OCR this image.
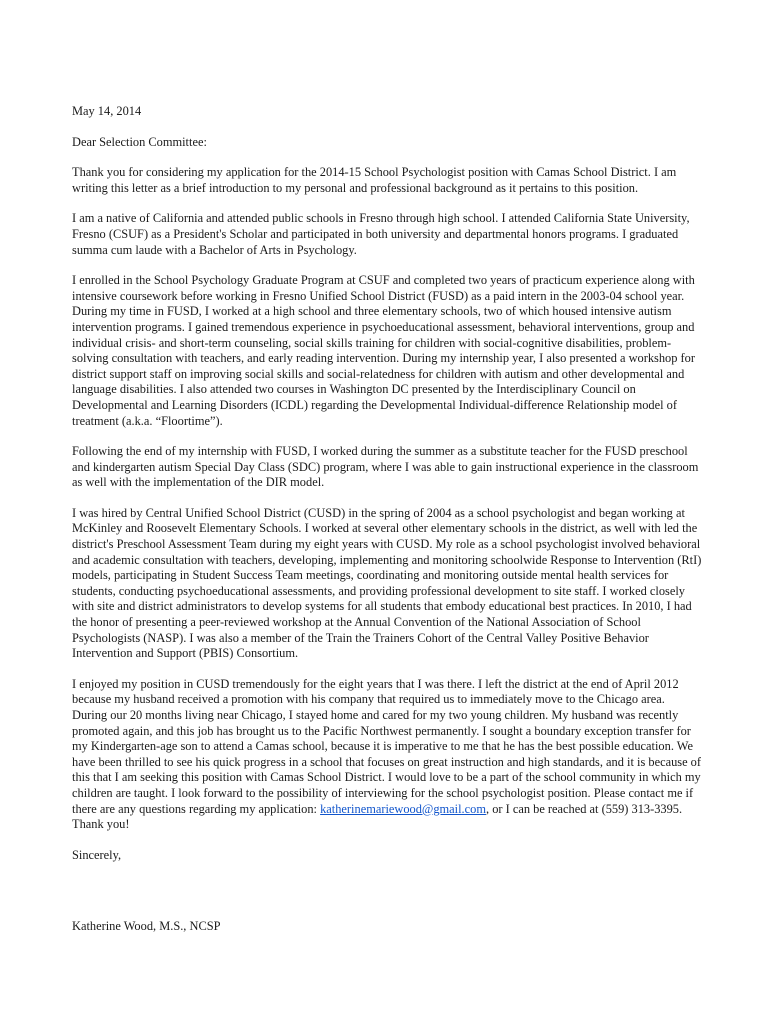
May 14, 2014

Dear Selection Committee:

Thank you for considering my application for the 2014-15 School Psychologist position with Camas School District. I am writing this letter as a brief introduction to my personal and professional background as it pertains to this position.

I am a native of California and attended public schools in Fresno through high school. I attended California State University, Fresno (CSUF) as a President's Scholar and participated in both university and departmental honors programs. I graduated summa cum laude with a Bachelor of Arts in Psychology.

I enrolled in the School Psychology Graduate Program at CSUF and completed two years of practicum experience along with intensive coursework before working in Fresno Unified School District (FUSD) as a paid intern in the 2003-04 school year. During my time in FUSD, I worked at a high school and three elementary schools, two of which housed intensive autism intervention programs. I gained tremendous experience in psychoeducational assessment, behavioral interventions, group and individual crisis- and short-term counseling, social skills training for children with social-cognitive disabilities, problem-solving consultation with teachers, and early reading intervention. During my internship year, I also presented a workshop for district support staff on improving social skills and social-relatedness for children with autism and other developmental and language disabilities. I also attended two courses in Washington DC presented by the Interdisciplinary Council on Developmental and Learning Disorders (ICDL) regarding the Developmental Individual-difference Relationship model of treatment (a.k.a. “Floortime”).

Following the end of my internship with FUSD, I worked during the summer as a substitute teacher for the FUSD preschool and kindergarten autism Special Day Class (SDC) program, where I was able to gain instructional experience in the classroom as well with the implementation of the DIR model.

I was hired by Central Unified School District (CUSD) in the spring of 2004 as a school psychologist and began working at McKinley and Roosevelt Elementary Schools. I worked at several other elementary schools in the district, as well with led the district's Preschool Assessment Team during my eight years with CUSD. My role as a school psychologist involved behavioral and academic consultation with teachers, developing, implementing and monitoring schoolwide Response to Intervention (RtI) models, participating in Student Success Team meetings, coordinating and monitoring outside mental health services for students, conducting psychoeducational assessments, and providing professional development to site staff. I worked closely with site and district administrators to develop systems for all students that embody educational best practices. In 2010, I had the honor of presenting a peer-reviewed workshop at the Annual Convention of the National Association of School Psychologists (NASP). I was also a member of the Train the Trainers Cohort of the Central Valley Positive Behavior Intervention and Support (PBIS) Consortium.

I enjoyed my position in CUSD tremendously for the eight years that I was there. I left the district at the end of April 2012 because my husband received a promotion with his company that required us to immediately move to the Chicago area. During our 20 months living near Chicago, I stayed home and cared for my two young children. My husband was recently promoted again, and this job has brought us to the Pacific Northwest permanently. I sought a boundary exception transfer for my Kindergarten-age son to attend a Camas school, because it is imperative to me that he has the best possible education. We have been thrilled to see his quick progress in a school that focuses on great instruction and high standards, and it is because of this that I am seeking this position with Camas School District. I would love to be a part of the school community in which my children are taught. I look forward to the possibility of interviewing for the school psychologist position. Please contact me if there are any questions regarding my application: katherinemariewood@gmail.com, or I can be reached at (559) 313-3395. Thank you!

Sincerely,

Katherine Wood, M.S., NCSP
